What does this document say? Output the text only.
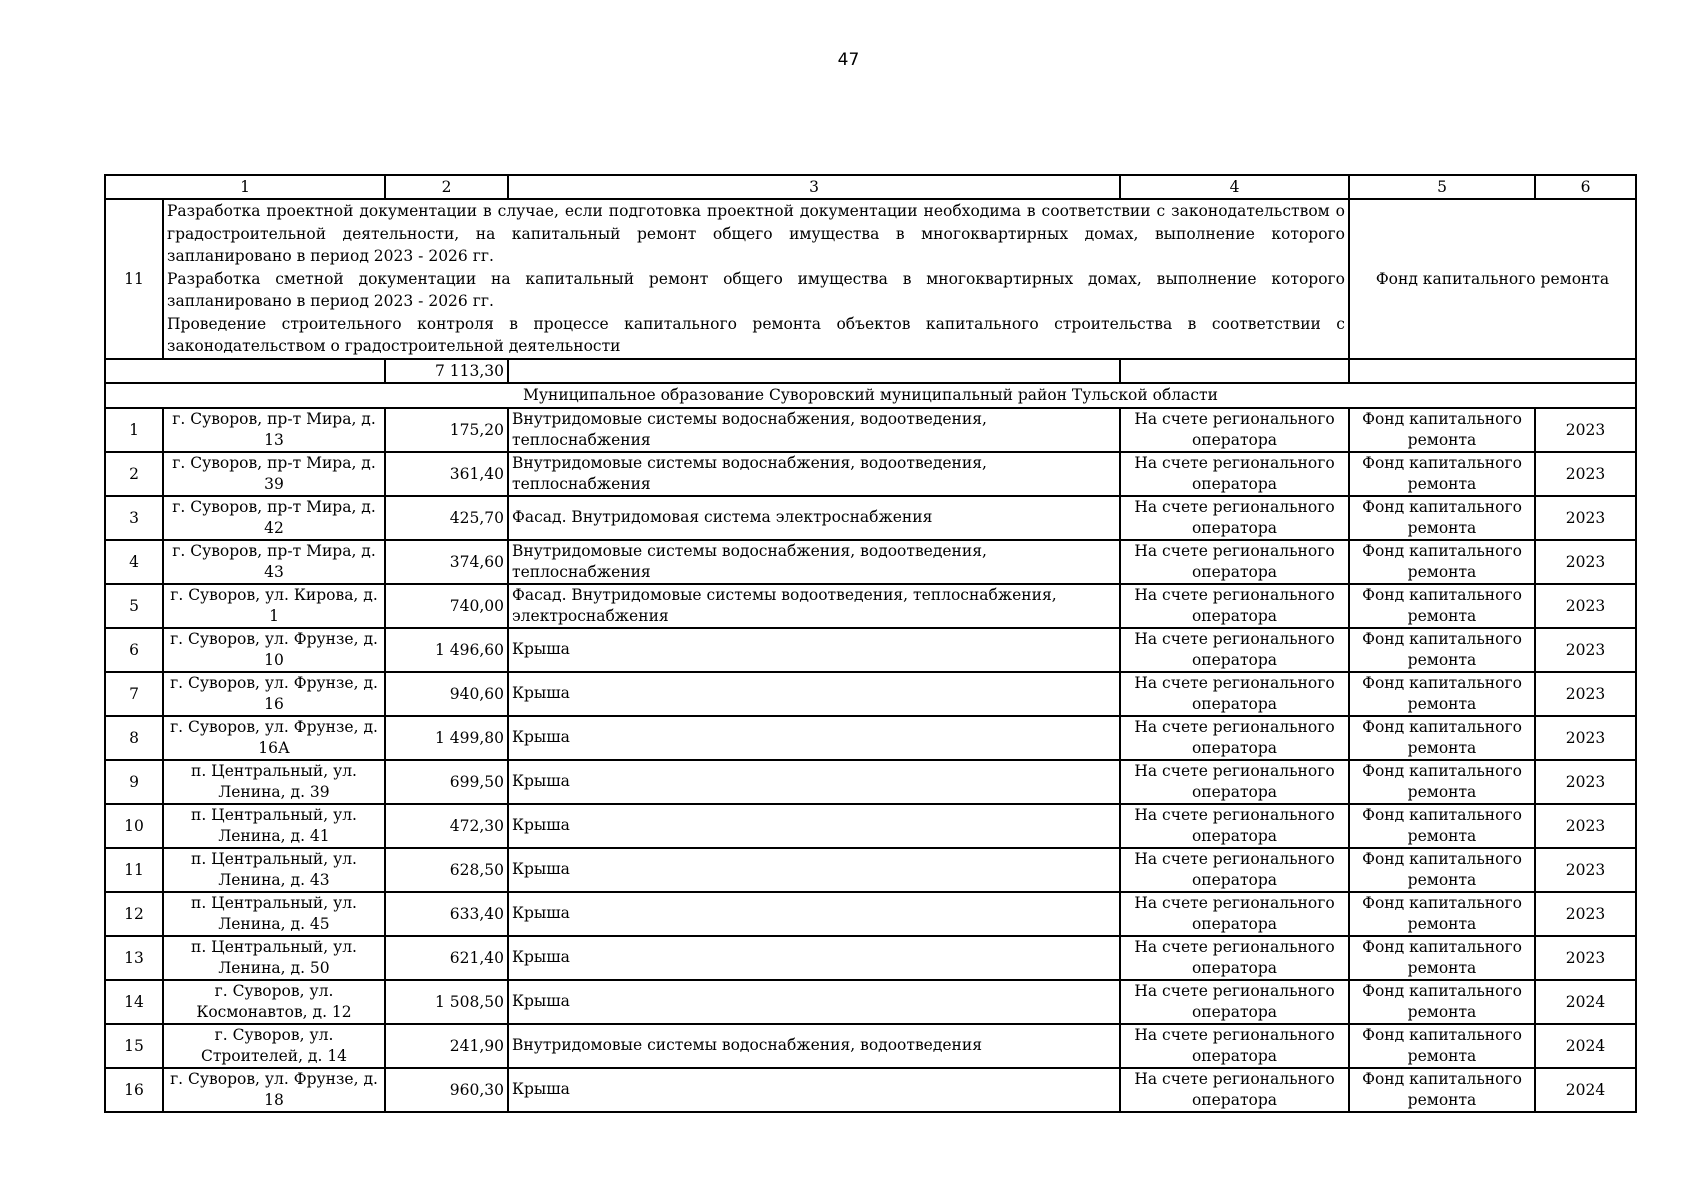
47
1		2	3	4	5	6
11	Разработка проектной документации в случае, если подготовка проектной документации необходима в соответствии с законодательством о градостроительной деятельности, на капитальный ремонт общего имущества в многоквартирных домах, выполнение которого запланировано в период 2023 - 2026 гг.
Разработка сметной документации на капитальный ремонт общего имущества в многоквартирных домах, выполнение которого запланировано в период 2023 - 2026 гг.
Проведение строительного контроля в процессе капитального ремонта объектов капитального строительства в соответствии с законодательством о градостроительной деятельности				Фонд капитального ремонта	
		7 113,30				
Муниципальное образование Суворовский муниципальный район Тульской области						
1	г. Суворов, пр-т Мира, д. 13	175,20	Внутридомовые системы водоснабжения, водоотведения, теплоснабжения	На счете регионального оператора	Фонд капитального ремонта	2023
2	г. Суворов, пр-т Мира, д. 39	361,40	Внутридомовые системы водоснабжения, водоотведения, теплоснабжения	На счете регионального оператора	Фонд капитального ремонта	2023
3	г. Суворов, пр-т Мира, д. 42	425,70	Фасад. Внутридомовая система электроснабжения	На счете регионального оператора	Фонд капитального ремонта	2023
4	г. Суворов, пр-т Мира, д. 43	374,60	Внутридомовые системы водоснабжения, водоотведения, теплоснабжения	На счете регионального оператора	Фонд капитального ремонта	2023
5	г. Суворов, ул. Кирова, д. 1	740,00	Фасад. Внутридомовые системы водоотведения, теплоснабжения, электроснабжения	На счете регионального оператора	Фонд капитального ремонта	2023
6	г. Суворов, ул. Фрунзе, д. 10	1 496,60	Крыша	На счете регионального оператора	Фонд капитального ремонта	2023
7	г. Суворов, ул. Фрунзе, д. 16	940,60	Крыша	На счете регионального оператора	Фонд капитального ремонта	2023
8	г. Суворов, ул. Фрунзе, д. 16А	1 499,80	Крыша	На счете регионального оператора	Фонд капитального ремонта	2023
9	п. Центральный, ул. Ленина, д. 39	699,50	Крыша	На счете регионального оператора	Фонд капитального ремонта	2023
10	п. Центральный, ул. Ленина, д. 41	472,30	Крыша	На счете регионального оператора	Фонд капитального ремонта	2023
11	п. Центральный, ул. Ленина, д. 43	628,50	Крыша	На счете регионального оператора	Фонд капитального ремонта	2023
12	п. Центральный, ул. Ленина, д. 45	633,40	Крыша	На счете регионального оператора	Фонд капитального ремонта	2023
13	п. Центральный, ул. Ленина, д. 50	621,40	Крыша	На счете регионального оператора	Фонд капитального ремонта	2023
14	г. Суворов, ул. Космонавтов, д. 12	1 508,50	Крыша	На счете регионального оператора	Фонд капитального ремонта	2024
15	г. Суворов, ул. Строителей, д. 14	241,90	Внутридомовые системы водоснабжения, водоотведения	На счете регионального оператора	Фонд капитального ремонта	2024
16	г. Суворов, ул. Фрунзе, д. 18	960,30	Крыша	На счете регионального оператора	Фонд капитального ремонта	2024
